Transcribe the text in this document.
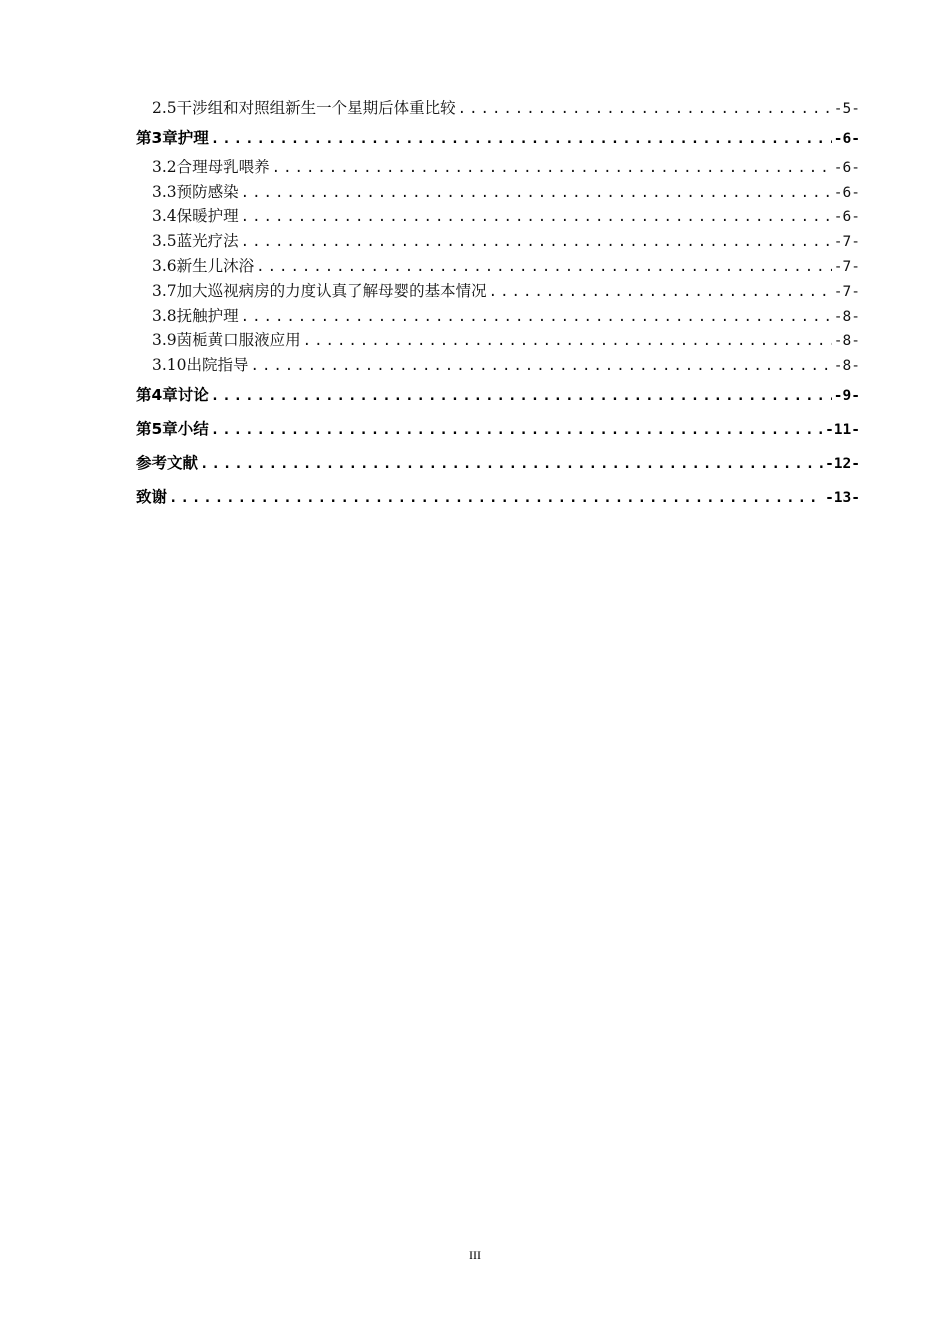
2.5干涉组和对照组新生一个星期后体重比较 .....	-5-
第3章护理 .....	-6-
3.2合理母乳喂养 .....	-6-
3.3预防感染 .....	-6-
3.4保暖护理 .....	-6-
3.5蓝光疗法 .....	-7-
3.6新生儿沐浴 .....	-7-
3.7加大巡视病房的力度认真了解母婴的基本情况 .....	-7-
3.8抚触护理 .....	-8-
3.9茵栀黄口服液应用 .....	-8-
3.10出院指导 .....	-8-
第4章讨论 .....	-9-
第5章小结 .....	-11-
参考文献 .....	-12-
致谢 .....	-13-
III
